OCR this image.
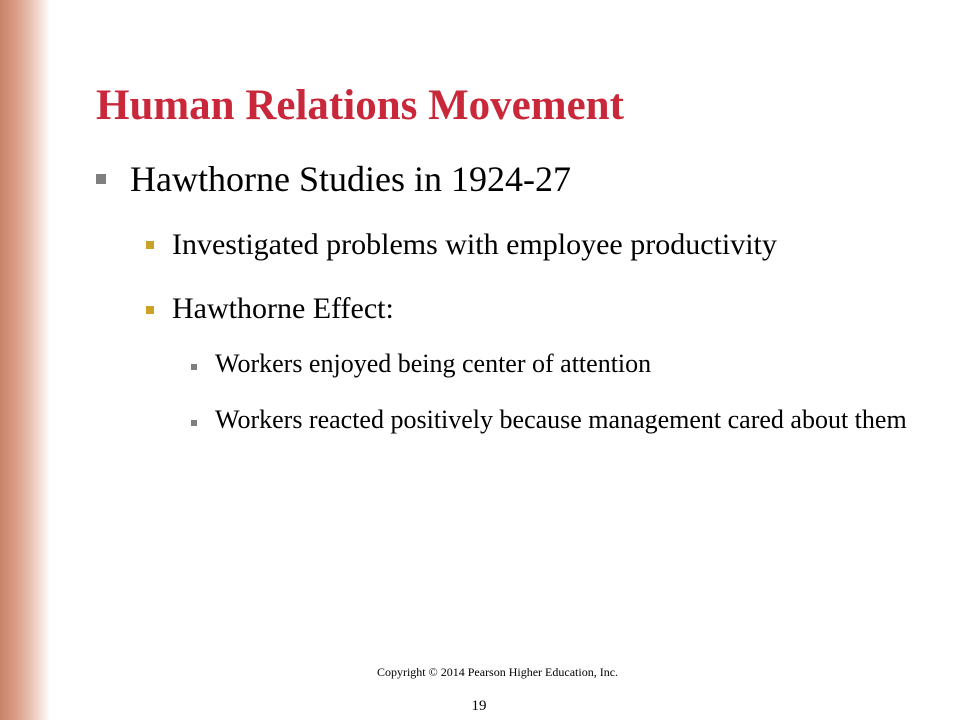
Human Relations Movement

Hawthorne Studies in 1924-27

Investigated problems with employee productivity

Hawthorne Effect:

Workers enjoyed being center of attention

Workers reacted positively because management cared about them

Copyright © 2014 Pearson Higher Education, Inc.
19
